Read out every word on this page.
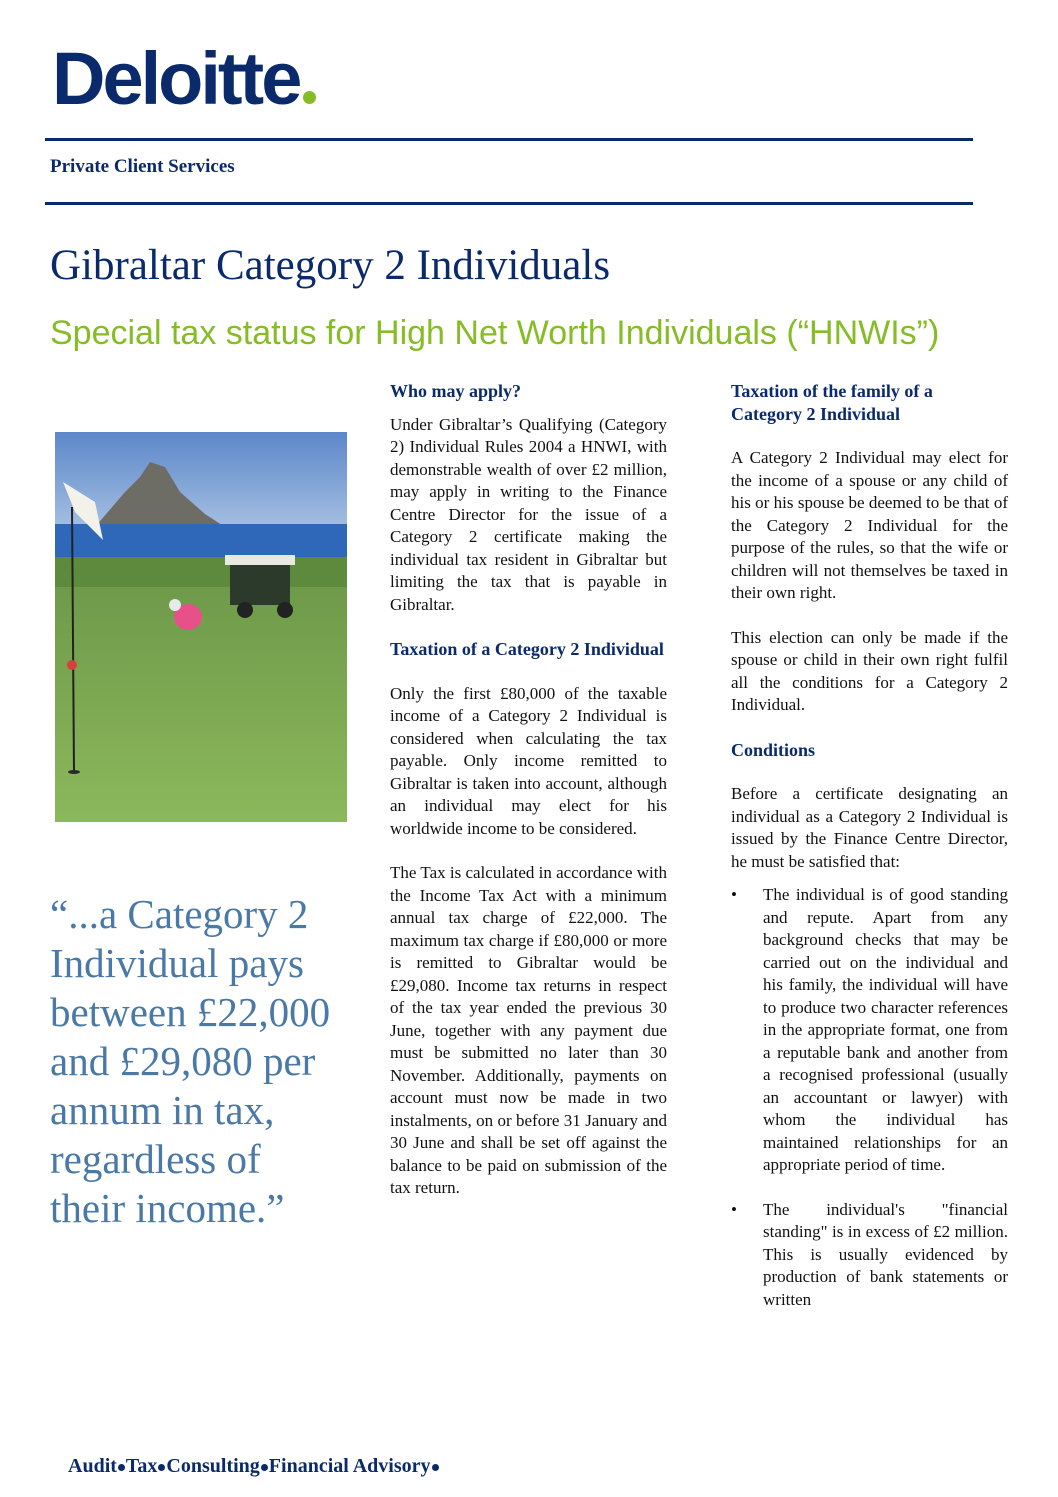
Deloitte
Private Client Services
Gibraltar Category 2 Individuals
Special tax status for High Net Worth Individuals (“HNWIs”)

“...a Category 2 Individual pays between £22,000 and £29,080 per annum in tax, regardless of their income.”

Who may apply?

Under Gibraltar’s Qualifying (Category 2) Individual Rules 2004 a HNWI, with demonstrable wealth of over £2 million, may apply in writing to the Finance Centre Director for the issue of a Category 2 certificate making the individual tax resident in Gibraltar but limiting the tax that is payable in Gibraltar.

Taxation of a Category 2 Individual

Only the first £80,000 of the taxable income of a Category 2 Individual is considered when calculating the tax payable. Only income remitted to Gibraltar is taken into account, although an individual may elect for his worldwide income to be considered.

The Tax is calculated in accordance with the Income Tax Act with a minimum annual tax charge of £22,000. The maximum tax charge if £80,000 or more is remitted to Gibraltar would be £29,080. Income tax returns in respect of the tax year ended the previous 30 June, together with any payment due must be submitted no later than 30 November. Additionally, payments on account must now be made in two instalments, on or before 31 January and 30 June and shall be set off against the balance to be paid on submission of the tax return.

Taxation of the family of a Category 2 Individual

A Category 2 Individual may elect for the income of a spouse or any child of his or his spouse be deemed to be that of the Category 2 Individual for the purpose of the rules, so that the wife or children will not themselves be taxed in their own right.

This election can only be made if the spouse or child in their own right fulfil all the conditions for a Category 2 Individual.

Conditions

Before a certificate designating an individual as a Category 2 Individual is issued by the Finance Centre Director, he must be satisfied that:

• The individual is of good standing and repute. Apart from any background checks that may be carried out on the individual and his family, the individual will have to produce two character references in the appropriate format, one from a reputable bank and another from a recognised professional (usually an accountant or lawyer) with whom the individual has maintained relationships for an appropriate period of time.

• The individual's "financial standing" is in excess of £2 million. This is usually evidenced by production of bank statements or written

Audit Tax Consulting Financial Advisory
